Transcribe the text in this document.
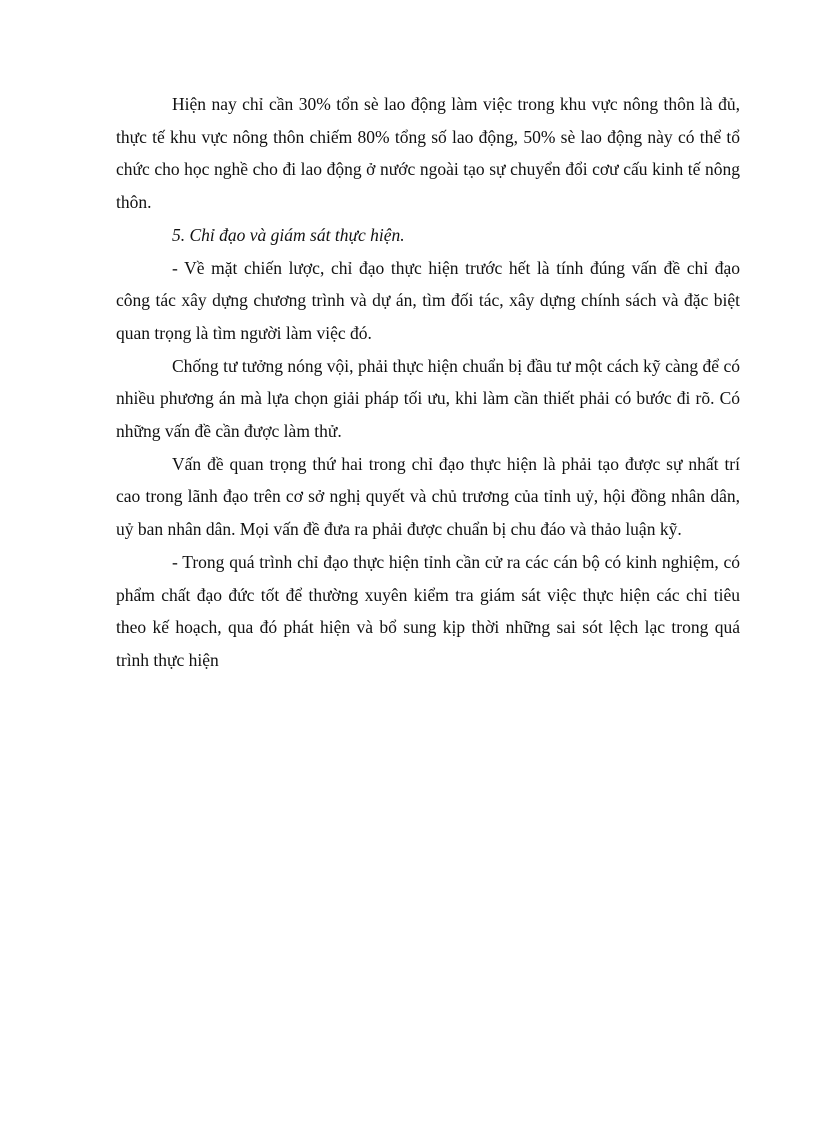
Hiện nay chỉ cần 30% tổn sè lao động làm việc trong khu vực nông thôn là đủ, thực tế khu vực nông thôn chiếm 80% tổng số lao động, 50% sè lao động này có thể tổ chức cho học nghề cho đi lao động ở nước ngoài tạo sự chuyển đổi cơư cấu kinh tế nông thôn.

5. Chỉ đạo và giám sát thực hiện.

- Về mặt chiến lược, chỉ đạo thực hiện trước hết là tính đúng vấn đề chỉ đạo công tác xây dựng chương trình và dự án, tìm đối tác, xây dựng chính sách và đặc biệt quan trọng là tìm người làm việc đó.

Chống tư tưởng nóng vội, phải thực hiện chuẩn bị đầu tư một cách kỹ càng để có nhiều phương án mà lựa chọn giải pháp tối ưu, khi làm cần thiết phải có bước đi rõ. Có những vấn đề cần được làm thử.

Vấn đề quan trọng thứ hai trong chỉ đạo thực hiện là phải tạo được sự nhất trí cao trong lãnh đạo trên cơ sở nghị quyết và chủ trương của tỉnh uỷ, hội đồng nhân dân, uỷ ban nhân dân. Mọi vấn đề đưa ra phải được chuẩn bị chu đáo và thảo luận kỹ.

- Trong quá trình chỉ đạo thực hiện tỉnh cần cử ra các cán bộ có kinh nghiệm, có phẩm chất đạo đức tốt để thường xuyên kiểm tra giám sát việc thực hiện các chỉ tiêu theo kế hoạch, qua đó phát hiện và bổ sung kịp thời những sai sót lệch lạc trong quá trình thực hiện
